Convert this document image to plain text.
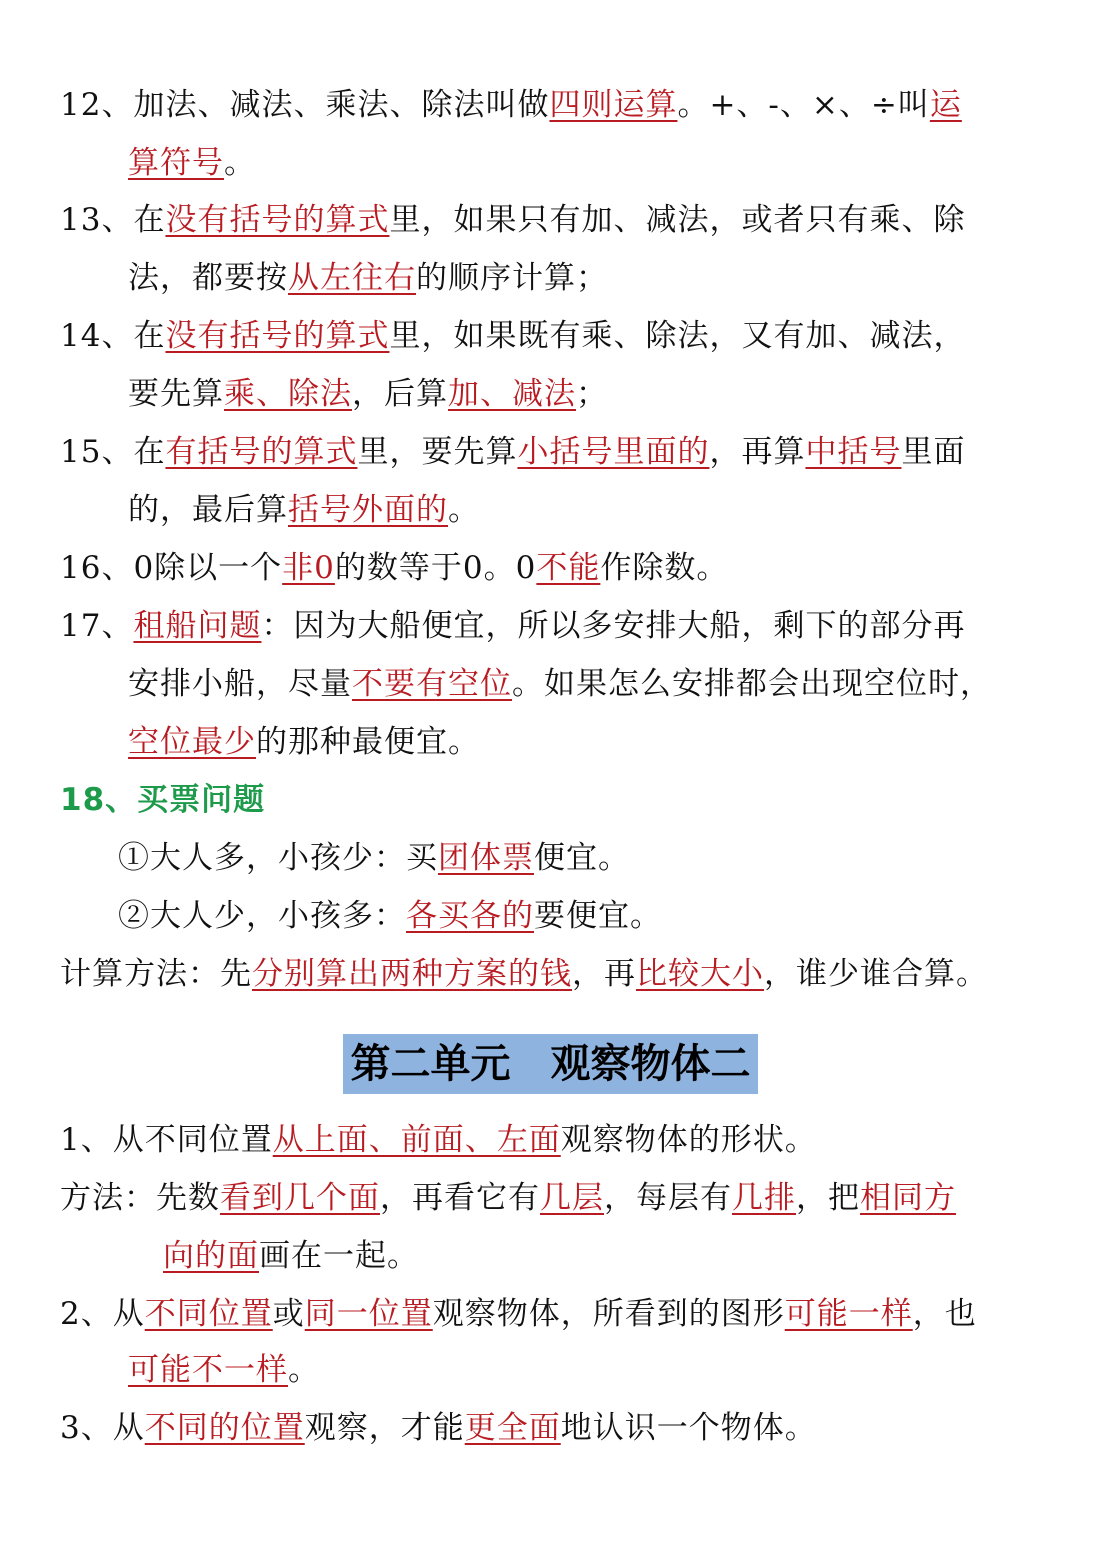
12、加法、减法、乘法、除法叫做四则运算。+、-、×、÷叫运
算符号。
13、在没有括号的算式里，如果只有加、减法，或者只有乘、除
法，都要按从左往右的顺序计算；
14、在没有括号的算式里，如果既有乘、除法，又有加、减法，
要先算乘、除法，后算加、减法；
15、在有括号的算式里，要先算小括号里面的，再算中括号里面
的，最后算括号外面的。
16、0除以一个非0的数等于0。0不能作除数。
17、租船问题：因为大船便宜，所以多安排大船，剩下的部分再
安排小船，尽量不要有空位。如果怎么安排都会出现空位时，
空位最少的那种最便宜。
18、买票问题
①大人多，小孩少：买团体票便宜。
②大人少，小孩多：各买各的要便宜。
计算方法：先分别算出两种方案的钱，再比较大小，谁少谁合算。
第二单元　观察物体二
1、从不同位置从上面、前面、左面观察物体的形状。
方法：先数看到几个面，再看它有几层，每层有几排，把相同方
向的面画在一起。
2、从不同位置或同一位置观察物体，所看到的图形可能一样，也
可能不一样。
3、从不同的位置观察，才能更全面地认识一个物体。
